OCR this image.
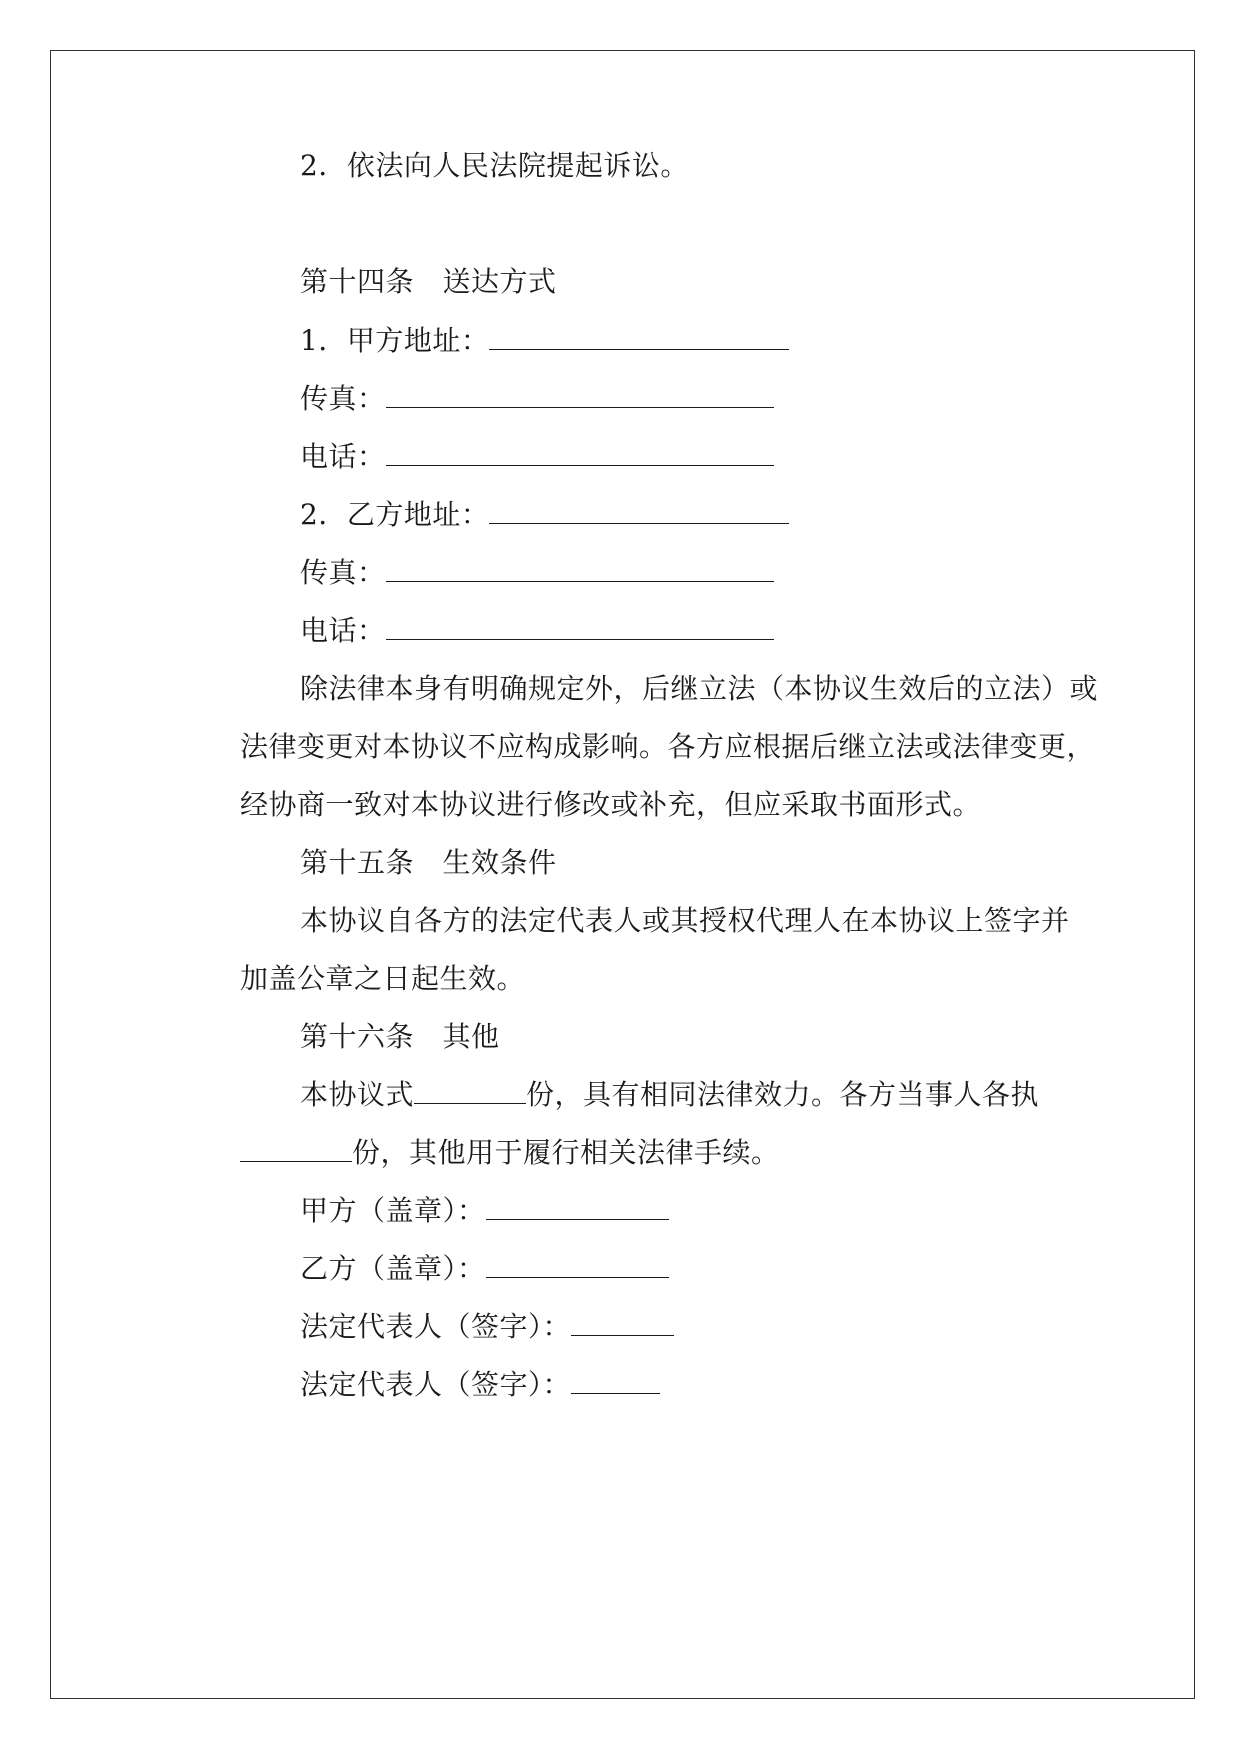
2．依法向人民法院提起诉讼。
第十四条　送达方式
1．甲方地址：
传真：
电话：
2．乙方地址：
传真：
电话：
除法律本身有明确规定外，后继立法（本协议生效后的立法）或
法律变更对本协议不应构成影响。各方应根据后继立法或法律变更，
经协商一致对本协议进行修改或补充，但应采取书面形式。
第十五条　生效条件
本协议自各方的法定代表人或其授权代理人在本协议上签字并
加盖公章之日起生效。
第十六条　其他
本协议式	份，具有相同法律效力。各方当事人各执
份，其他用于履行相关法律手续。
甲方（盖章）：
乙方（盖章）：
法定代表人（签字）：
法定代表人（签字）：
